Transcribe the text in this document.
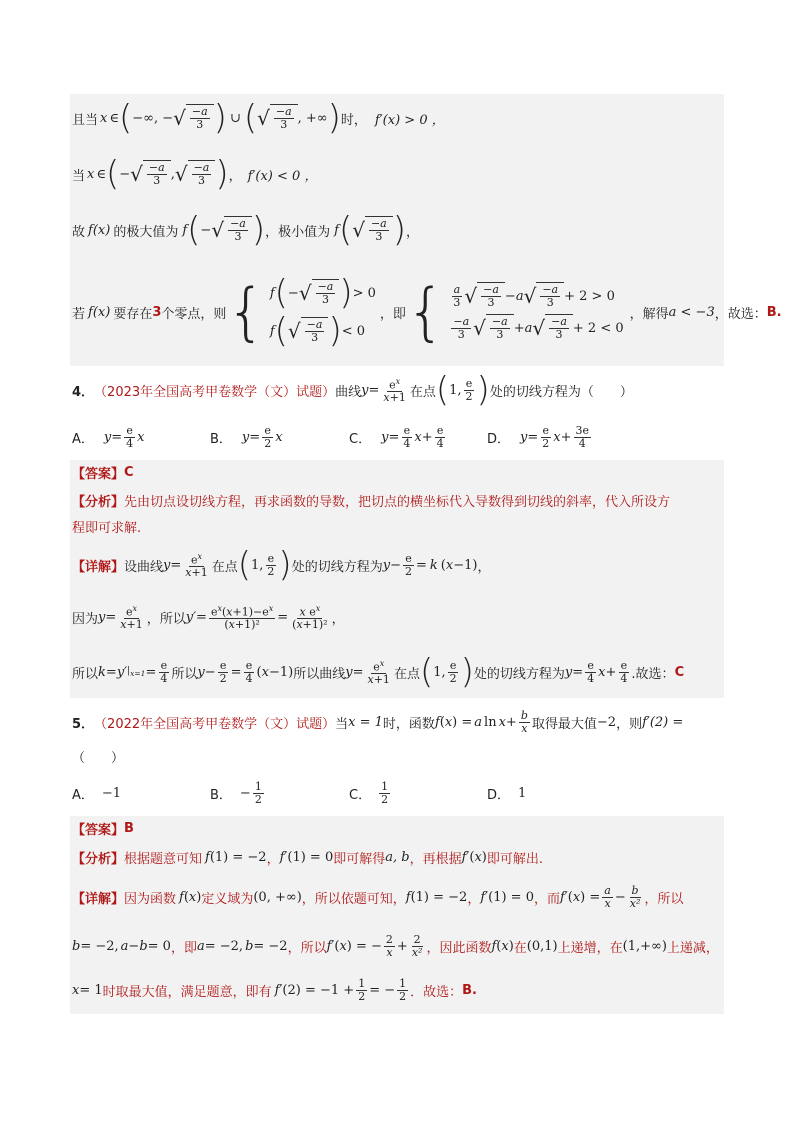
且当 x ∈ ( −∞, − √ $\frac{-a}{3}$ ) ∪ ( √ $\frac{-a}{3}$ , +∞ ) 时， f′(x) > 0 ，
当 x ∈ ( − √ $\frac{-a}{3}$ , √ $\frac{-a}{3}$ ) ， f′(x) < 0 ，
故 f(x) 的极大值为 f ( − √ $\frac{-a}{3}$ ) ，极小值为 f ( √ $\frac{-a}{3}$ ) ，
若 f(x) 要存在 3 个零点，则 { f ( − √ $\frac{-a}{3}$ ) > 0
f ( √ $\frac{-a}{3}$ ) < 0
，即 { $\frac{a}{3}$ √ $\frac{-a}{3} -a$ √ $\frac{-a}{3} + 2 > 0$
$\frac{-a}{3}$ √ $\frac{-a}{3} +a$ √ $\frac{-a}{3} + 2 < 0$
，解得 a < −3 ，故选： B.
4． （2023年全国高考甲卷数学（文）试题） 曲线 $y = \frac{e^x}{x+1}$ 在点 ( 1, $\frac{e}{2}$ ) 处的切线方程为（　　）
A． $y = \frac{e}{4}$ x	B． $y = \frac{e}{2}$ x	C． $y = \frac{e}{4}$ $x + \frac{e}{4}$	D． $y = \frac{e}{2}$ $x + \frac{3e}{4}$
【答案】 C
【分析】 先由切点设切线方程，再求函数的导数，把切点的横坐标代入导数得到切线的斜率，代入所设方
程即可求解.
【详解】 设曲线 $y = \frac{e^x}{x+1}$ 在点 ( 1, $\frac{e}{2}$ ) 处的切线方程为 $y - \frac{e}{2} = k$ ( x −1) ，
因为 $y = \frac{e^x}{x+1}$ ，所以 $y' = \frac{e^x(x+1)-e^x}{\text{(x+1)²}} = \frac{x e^x}{\text{(x+1)²}}$ ，
所以 k = y′ $|_{x=1} = \frac{e}{4}$ 所以 $y - \frac{e}{2} = \frac{e}{4}$ ( x −1) 所以曲线 $y = \frac{e^x}{x+1}$ 在点 ( 1, $\frac{e}{2}$ ) 处的切线方程为 $y = \frac{e}{4}$ $x + \frac{e}{4}$ .故选： C
5． （2022年全国高考甲卷数学（文）试题） 当 x = 1 时，函数 f ( x ) = a $\ln x + \frac{b}{x}$ 取得最大值 −2 ，则 f′(2) =
（　　）
A． −1	B． − $\frac{1}{2}$	C． $\frac{1}{2}$	D． 1
【答案】 B
【分析】 根据题意可知 f (1) = −2 ， f′ (1) = 0 即可解得 a, b ，再根据 f′ ( x ) 即可解出.
【详解】 因为函数 f ( x ) 定义域为 (0, +∞) ，所以依题可知， f (1) = −2 ， f′ (1) = 0 ，而 f′ ( x ) = $\frac{a}{x} - \frac{b}{\text{x²}}$ ，所以
b = −2, a − b = 0 ，即 a = −2, b = −2 ，所以 f′ ( x ) = − $\frac{2}{x} + \frac{2}{\text{x²}}$ ，因此函数 f ( x ) 在 (0,1) 上递增，在 (1,+∞) 上递减，
x = 1 时取最大值，满足题意，即有 f′ $(2) = -1 + \frac{1}{2}$ = − $\frac{1}{2}$ ．故选： B.
